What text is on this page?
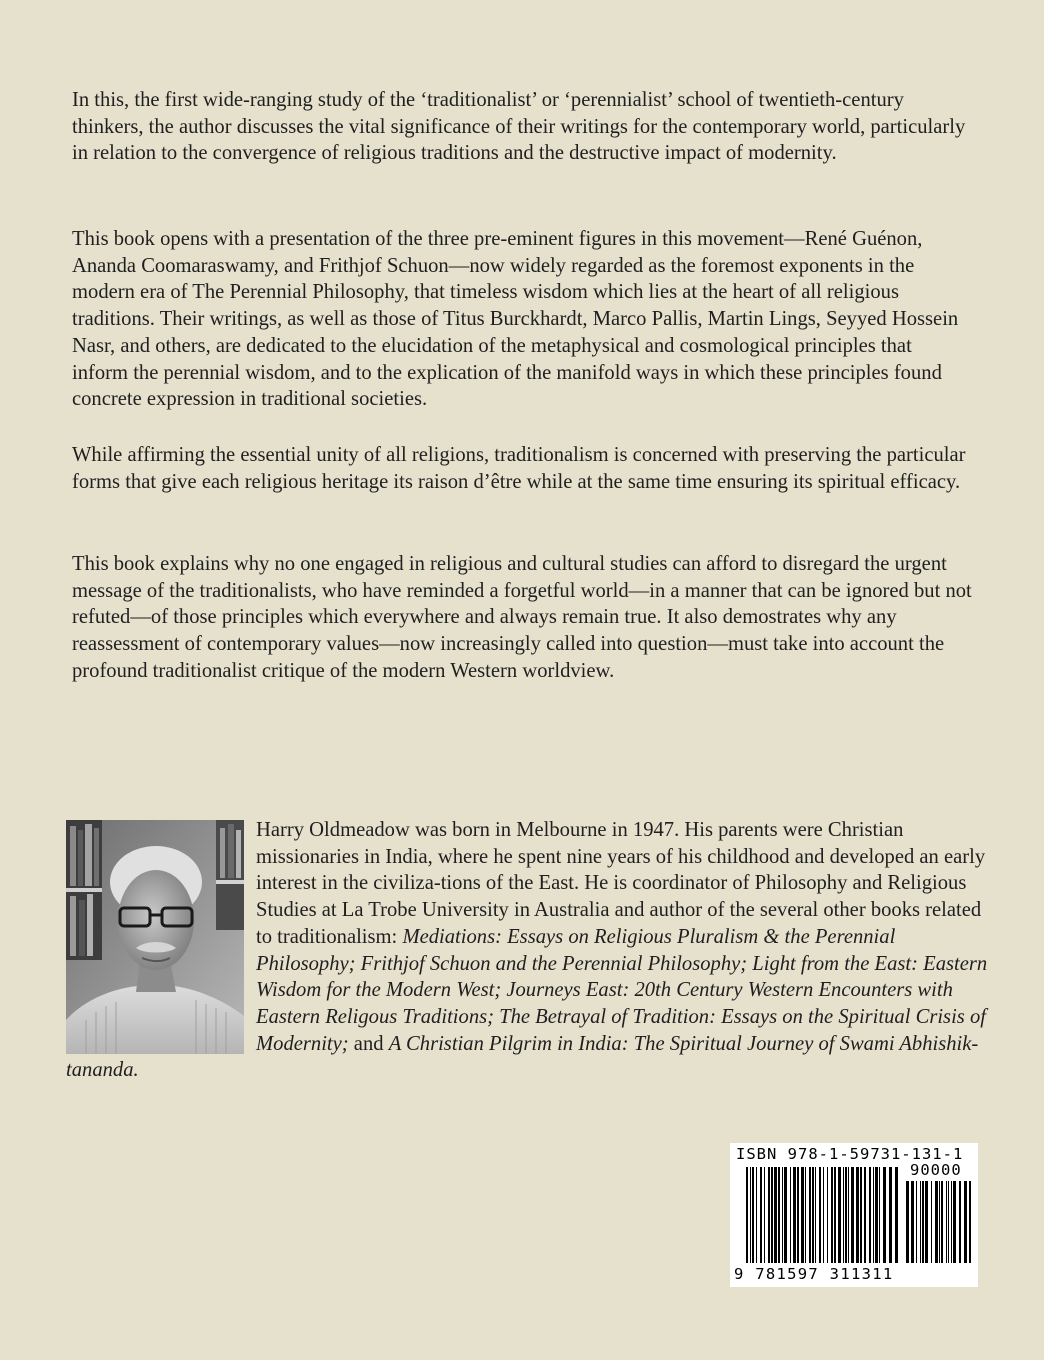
In this, the first wide-ranging study of the ‘traditionalist’ or ‘perennialist’ school of twentieth-century thinkers, the author discusses the vital significance of their writings for the contemporary world, particularly in relation to the convergence of religious traditions and the destructive impact of modernity.

This book opens with a presentation of the three pre-eminent figures in this movement—René Guénon, Ananda Coomaraswamy, and Frithjof Schuon—now widely regarded as the foremost exponents in the modern era of The Perennial Philosophy, that timeless wisdom which lies at the heart of all religious traditions. Their writings, as well as those of Titus Burckhardt, Marco Pallis, Martin Lings, Seyyed Hossein Nasr, and others, are dedicated to the elucidation of the metaphysical and cosmological principles that inform the perennial wisdom, and to the explication of the manifold ways in which these principles found concrete expression in traditional societies.

While affirming the essential unity of all religions, traditionalism is concerned with preserving the particular forms that give each religious heritage its raison d’être while at the same time ensuring its spiritual efficacy.

This book explains why no one engaged in religious and cultural studies can afford to disregard the urgent message of the traditionalists, who have reminded a forgetful world—in a manner that can be ignored but not refuted—of those principles which everywhere and always remain true. It also demostrates why any reassessment of contemporary values—now increasingly called into question—must take into account the profound traditionalist critique of the modern Western worldview.

Harry Oldmeadow was born in Melbourne in 1947. His parents were Christian missionaries in India, where he spent nine years of his childhood and developed an early interest in the civiliza-tions of the East. He is coordinator of Philosophy and Religious Studies at La Trobe University in Australia and author of the several other books related to traditionalism: Mediations: Essays on Religious Pluralism & the Perennial Philosophy; Frithjof Schuon and the Perennial Philosophy; Light from the East: Eastern Wisdom for the Modern West; Journeys East: 20th Century Western Encounters with Eastern Religous Traditions; The Betrayal of Tradition: Essays on the Spiritual Crisis of Modernity; and A Christian Pilgrim in India: The Spiritual Journey of Swami Abhishik- tananda.

ISBN 978-1-59731-131-1
90000
9 781597 311311
